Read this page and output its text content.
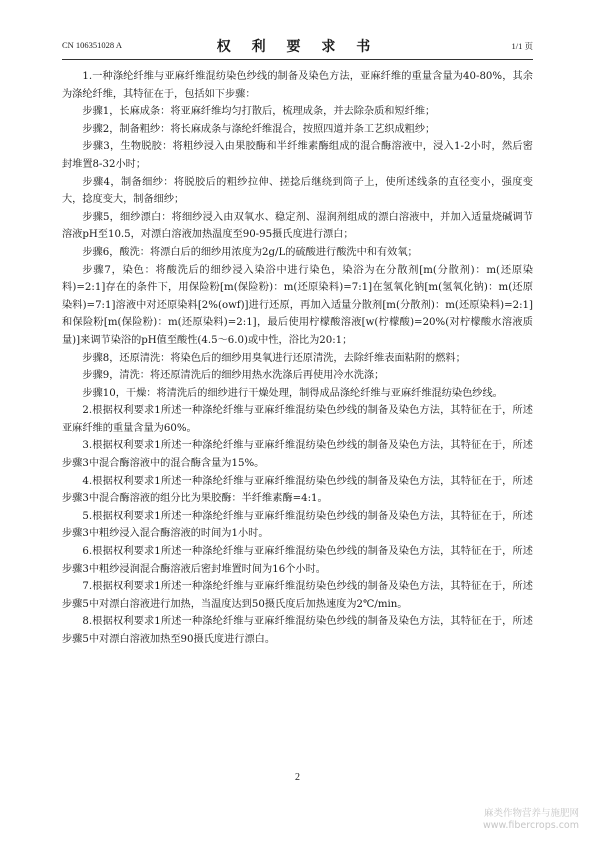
CN 106351028 A	权 利 要 求 书	1/1 页

1.一种涤纶纤维与亚麻纤维混纺染色纱线的制备及染色方法，亚麻纤维的重量含量为40-80%，其余为涤纶纤维，其特征在于，包括如下步骤：

步骤1，长麻成条：将亚麻纤维均匀打散后，梳理成条，并去除杂质和短纤维；

步骤2，制备粗纱：将长麻成条与涤纶纤维混合，按照四道并条工艺织成粗纱；

步骤3，生物脱胶：将粗纱浸入由果胶酶和半纤维素酶组成的混合酶溶液中，浸入1-2小时，然后密封堆置8-32小时；

步骤4，制备细纱：将脱胶后的粗纱拉伸、搓捻后继绕到筒子上，使所述线条的直径变小，强度变大，捻度变大，制备细纱；

步骤5，细纱漂白：将细纱浸入由双氧水、稳定剂、湿润剂组成的漂白溶液中，并加入适量烧碱调节溶液pH至10.5，对漂白溶液加热温度至90-95摄氏度进行漂白；

步骤6，酸洗：将漂白后的细纱用浓度为2g/L的硫酸进行酸洗中和有效氧；

步骤7，染色：将酸洗后的细纱浸入染浴中进行染色，染浴为在分散剂[m(分散剂)：m(还原染料)=2:1]存在的条件下，用保险粉[m(保险粉)：m(还原染料)=7:1]在氢氧化钠[m(氢氧化钠)：m(还原染料)=7:1]溶液中对还原染料[2%(owf)]进行还原，再加入适量分散剂[m(分散剂)：m(还原染料)=2:1]和保险粉[m(保险粉)：m(还原染料)=2:1]，最后使用柠檬酸溶液[w(柠檬酸)=20%(对柠檬酸水溶液质量)]来调节染浴的pH值至酸性(4.5～6.0)或中性，浴比为20:1；

步骤8，还原清洗：将染色后的细纱用臭氧进行还原清洗，去除纤维表面粘附的燃料；

步骤9，清洗：将还原清洗后的细纱用热水洗涤后再使用冷水洗涤；

步骤10，干燥：将清洗后的细纱进行干燥处理，制得成品涤纶纤维与亚麻纤维混纺染色纱线。

2.根据权利要求1所述一种涤纶纤维与亚麻纤维混纺染色纱线的制备及染色方法，其特征在于，所述亚麻纤维的重量含量为60%。

3.根据权利要求1所述一种涤纶纤维与亚麻纤维混纺染色纱线的制备及染色方法，其特征在于，所述步骤3中混合酶溶液中的混合酶含量为15%。

4.根据权利要求1所述一种涤纶纤维与亚麻纤维混纺染色纱线的制备及染色方法，其特征在于，所述步骤3中混合酶溶液的组分比为果胶酶：半纤维素酶=4:1。

5.根据权利要求1所述一种涤纶纤维与亚麻纤维混纺染色纱线的制备及染色方法，其特征在于，所述步骤3中粗纱浸入混合酶溶液的时间为1小时。

6.根据权利要求1所述一种涤纶纤维与亚麻纤维混纺染色纱线的制备及染色方法，其特征在于，所述步骤3中粗纱浸润混合酶溶液后密封堆置时间为16个小时。

7.根据权利要求1所述一种涤纶纤维与亚麻纤维混纺染色纱线的制备及染色方法，其特征在于，所述步骤5中对漂白溶液进行加热，当温度达到50摄氏度后加热速度为2℃/min。

8.根据权利要求1所述一种涤纶纤维与亚麻纤维混纺染色纱线的制备及染色方法，其特征在于，所述步骤5中对漂白溶液加热至90摄氏度进行漂白。

2
麻类作物营养与施肥网
www.fibercrops.com
